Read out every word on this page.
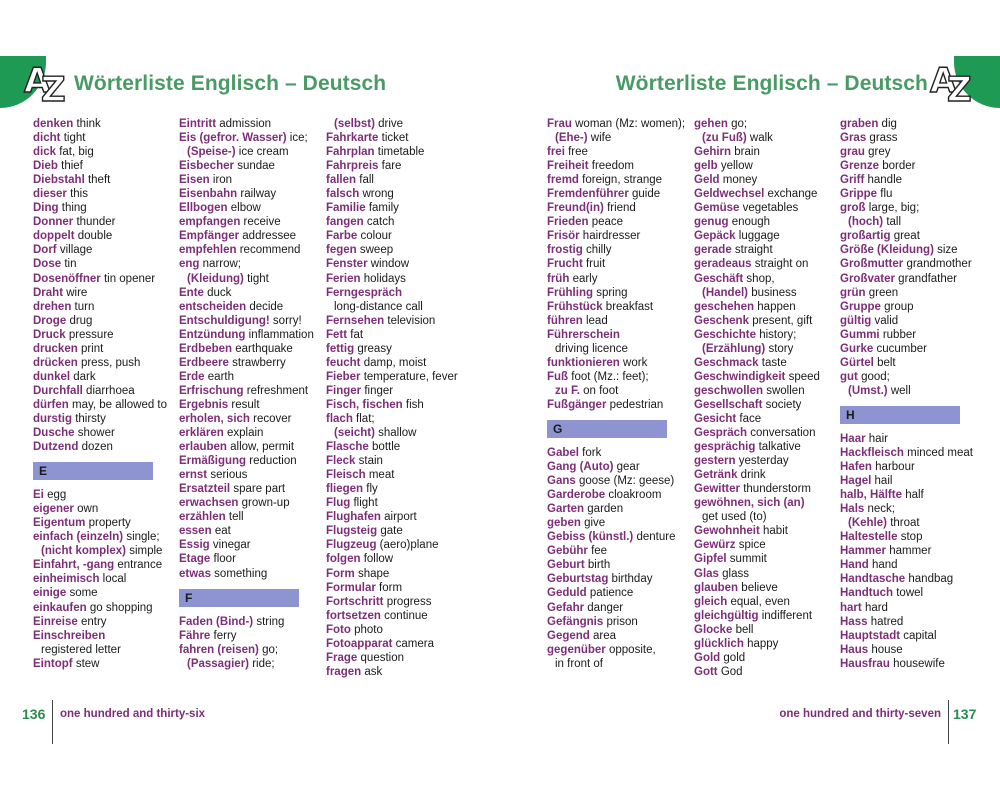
A
Z	A
Z
Wörterliste Englisch – Deutsch	Wörterliste Englisch – Deutsch
denken think
dicht tight
dick fat, big
Dieb thief
Diebstahl theft
dieser this
Ding thing
Donner thunder
doppelt double
Dorf village
Dose tin
Dosenöffner tin opener
Draht wire
drehen turn
Droge drug
Druck pressure
drucken print
drücken press, push
dunkel dark
Durchfall diarrhoea
dürfen may, be allowed to
durstig thirsty
Dusche shower
Dutzend dozen
E
Ei egg
eigener own
Eigentum property
einfach (einzeln) single;
(nicht komplex) simple
Einfahrt, -gang entrance
einheimisch local
einige some
einkaufen go shopping
Einreise entry
Einschreiben
registered letter
Eintopf stew
Eintritt admission
Eis (gefror. Wasser) ice;
(Speise-) ice cream
Eisbecher sundae
Eisen iron
Eisenbahn railway
Ellbogen elbow
empfangen receive
Empfänger addressee
empfehlen recommend
eng narrow;
(Kleidung) tight
Ente duck
entscheiden decide
Entschuldigung! sorry!
Entzündung inflammation
Erdbeben earthquake
Erdbeere strawberry
Erde earth
Erfrischung refreshment
Ergebnis result
erholen, sich recover
erklären explain
erlauben allow, permit
Ermäßigung reduction
ernst serious
Ersatzteil spare part
erwachsen grown-up
erzählen tell
essen eat
Essig vinegar
Etage floor
etwas something
F
Faden (Bind-) string
Fähre ferry
fahren (reisen) go;
(Passagier) ride;
(selbst) drive
Fahrkarte ticket
Fahrplan timetable
Fahrpreis fare
fallen fall
falsch wrong
Familie family
fangen catch
Farbe colour
fegen sweep
Fenster window
Ferien holidays
Ferngespräch
long-distance call
Fernsehen television
Fett fat
fettig greasy
feucht damp, moist
Fieber temperature, fever
Finger finger
Fisch, fischen fish
flach flat;
(seicht) shallow
Flasche bottle
Fleck stain
Fleisch meat
fliegen fly
Flug flight
Flughafen airport
Flugsteig gate
Flugzeug (aero)plane
folgen follow
Form shape
Formular form
Fortschritt progress
fortsetzen continue
Foto photo
Fotoapparat camera
Frage question
fragen ask
Frau woman (Mz: women);
(Ehe-) wife
frei free
Freiheit freedom
fremd foreign, strange
Fremdenführer guide
Freund(in) friend
Frieden peace
Frisör hairdresser
frostig chilly
Frucht fruit
früh early
Frühling spring
Frühstück breakfast
führen lead
Führerschein
driving licence
funktionieren work
Fuß foot (Mz.: feet);
zu F. on foot
Fußgänger pedestrian
G
Gabel fork
Gang (Auto) gear
Gans goose (Mz: geese)
Garderobe cloakroom
Garten garden
geben give
Gebiss (künstl.) denture
Gebühr fee
Geburt birth
Geburtstag birthday
Geduld patience
Gefahr danger
Gefängnis prison
Gegend area
gegenüber opposite,
in front of
gehen go;
(zu Fuß) walk
Gehirn brain
gelb yellow
Geld money
Geldwechsel exchange
Gemüse vegetables
genug enough
Gepäck luggage
gerade straight
geradeaus straight on
Geschäft shop,
(Handel) business
geschehen happen
Geschenk present, gift
Geschichte history;
(Erzählung) story
Geschmack taste
Geschwindigkeit speed
geschwollen swollen
Gesellschaft society
Gesicht face
Gespräch conversation
gesprächig talkative
gestern yesterday
Getränk drink
Gewitter thunderstorm
gewöhnen, sich (an)
get used (to)
Gewohnheit habit
Gewürz spice
Gipfel summit
Glas glass
glauben believe
gleich equal, even
gleichgültig indifferent
Glocke bell
glücklich happy
Gold gold
Gott God
graben dig
Gras grass
grau grey
Grenze border
Griff handle
Grippe flu
groß large, big;
(hoch) tall
großartig great
Größe (Kleidung) size
Großmutter grandmother
Großvater grandfather
grün green
Gruppe group
gültig valid
Gummi rubber
Gurke cucumber
Gürtel belt
gut good;
(Umst.) well
H
Haar hair
Hackfleisch minced meat
Hafen harbour
Hagel hail
halb, Hälfte half
Hals neck;
(Kehle) throat
Haltestelle stop
Hammer hammer
Hand hand
Handtasche handbag
Handtuch towel
hart hard
Hass hatred
Hauptstadt capital
Haus house
Hausfrau housewife
136 one hundred and thirty-six	one hundred and thirty-seven 137
